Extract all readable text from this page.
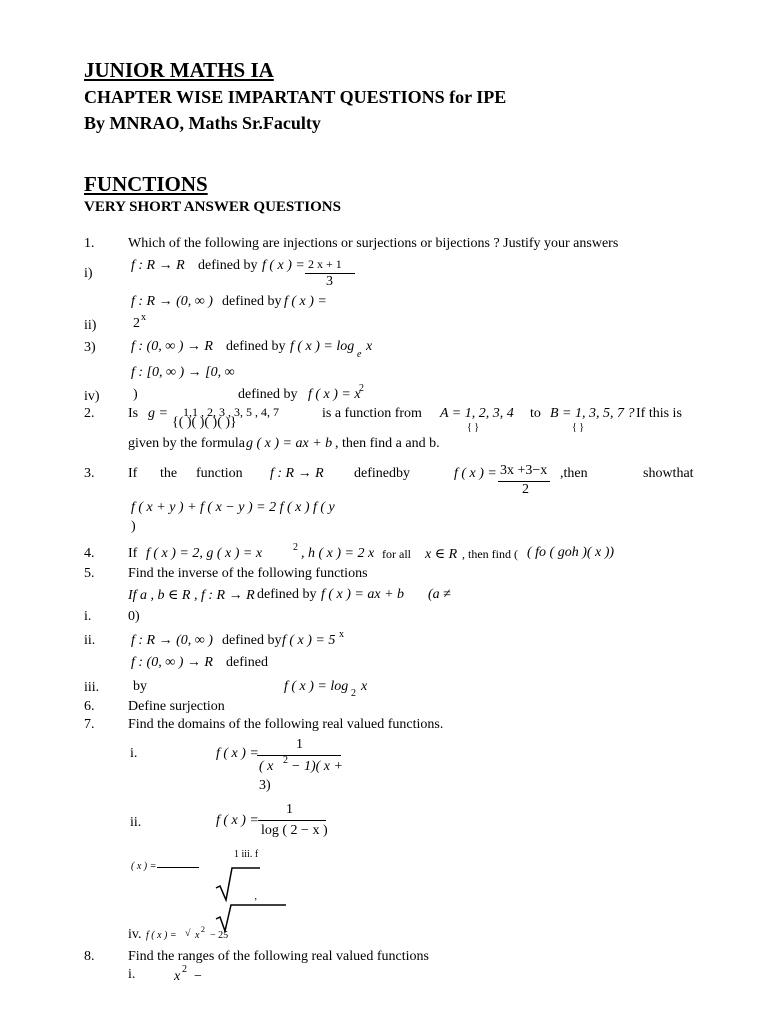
JUNIOR MATHS IA
CHAPTER WISE IMPARTANT QUESTIONS for IPE
By MNRAO, Maths Sr.Faculty
FUNCTIONS
VERY SHORT ANSWER QUESTIONS
1. Which of the following are injections or surjections or bijections ? Justify your answers
i)
f : R → R defined by f ( x ) = 2 x + 1
3
f : R → (0, ∞ ) defined by f ( x ) =
ii)	2 x
3)	f : (0, ∞ ) → R defined by f ( x ) = log
e
x
f : [0, ∞ ) → [0, ∞
iv) )	defined by f ( x ) = x
2
2. Is g = 1,1 , 2, 3 , 3, 5 , 4, 7
{( )( )( )( )}
is a function from A = 1, 2, 3, 4
{ }
to B = 1, 3, 5, 7 ?
{ }
If this is
given by the formula g ( x ) = ax + b , then find a and b.
3. If the function f : R → R definedby	f ( x ) = 3x +3−x
2
,then	showthat
f ( x + y ) + f ( x − y ) = 2 f ( x ) f ( y
)
4. If f ( x ) = 2, g ( x ) = x	2 , h ( x ) = 2 x for all x ∈ R , then find ( ( fo ( goh )( x ))
5. Find the inverse of the following functions
If a , b ∈ R , f : R → R defined by f ( x ) = ax + b (a ≠
i.	0)
ii.	f : R → (0, ∞ ) defined by f ( x ) = 5 x
f : (0, ∞ ) → R defined
iii. by	f ( x ) = log 2 x
6. Define surjection
7. Find the domains of the following real valued functions.
i.	f ( x ) =
1
( x 2 − 1)( x +
3)
ii.	f ( x ) =
1
log ( 2 − x )
( x ) =
1 iii. f
‚
iv. f ( x ) = √ x
2
− 25
8. Find the ranges of the following real valued functions
i.	x 2 −
